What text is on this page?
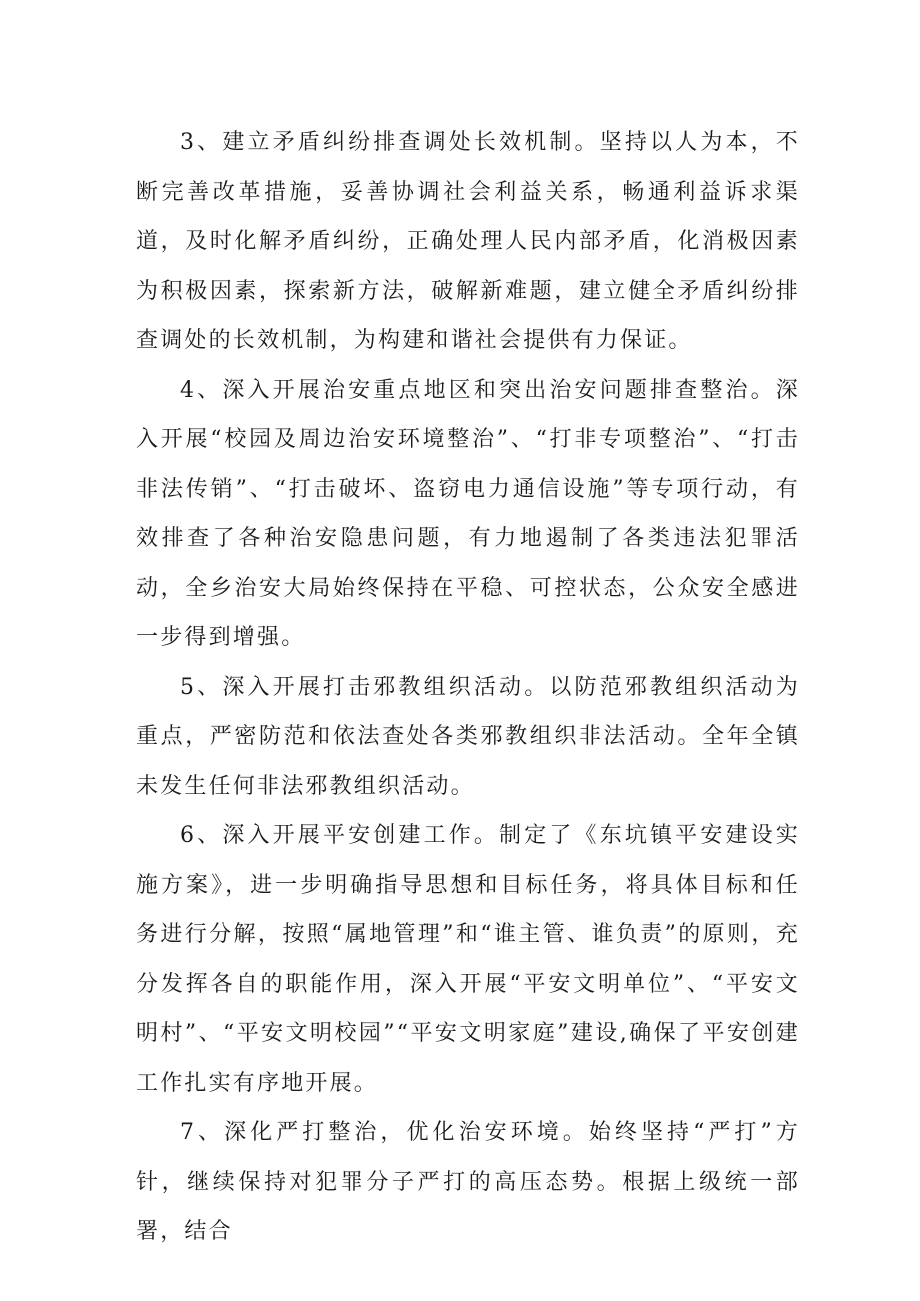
3、建立矛盾纠纷排查调处长效机制。坚持以人为本，不断完善改革措施，妥善协调社会利益关系，畅通利益诉求渠道，及时化解矛盾纠纷，正确处理人民内部矛盾，化消极因素为积极因素，探索新方法，破解新难题，建立健全矛盾纠纷排查调处的长效机制，为构建和谐社会提供有力保证。

4、深入开展治安重点地区和突出治安问题排查整治。深入开展“校园及周边治安环境整治”、“打非专项整治”、“打击非法传销”、“打击破坏、盗窃电力通信设施”等专项行动，有效排查了各种治安隐患问题，有力地遏制了各类违法犯罪活动，全乡治安大局始终保持在平稳、可控状态，公众安全感进一步得到增强。

5、深入开展打击邪教组织活动。以防范邪教组织活动为重点，严密防范和依法查处各类邪教组织非法活动。全年全镇未发生任何非法邪教组织活动。

6、深入开展平安创建工作。制定了《东坑镇平安建设实施方案》，进一步明确指导思想和目标任务，将具体目标和任务进行分解，按照“属地管理”和“谁主管、谁负责”的原则，充分发挥各自的职能作用，深入开展“平安文明单位”、“平安文明村”、“平安文明校园”“平安文明家庭”建设,确保了平安创建工作扎实有序地开展。

7、深化严打整治，优化治安环境。始终坚持“严打”方针，继续保持对犯罪分子严打的高压态势。根据上级统一部署，结合
